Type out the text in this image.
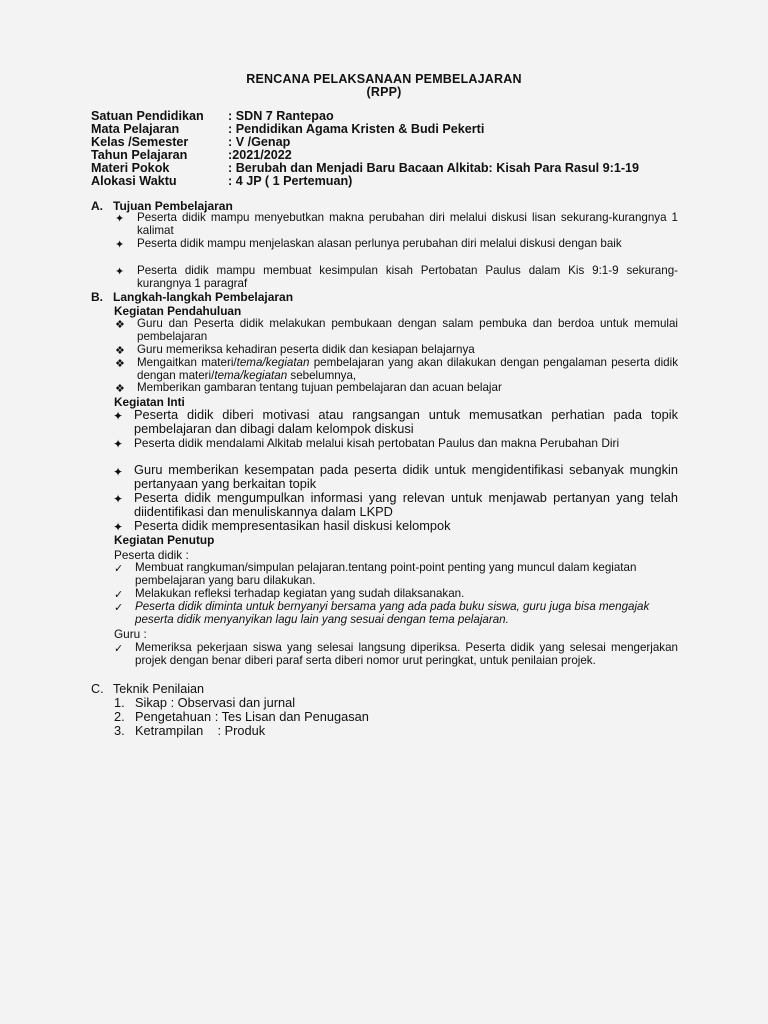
RENCANA PELAKSANAAN PEMBELAJARAN
(RPP)
Satuan Pendidikan	: SDN 7 Rantepao
Mata Pelajaran	: Pendidikan Agama Kristen & Budi Pekerti
Kelas /Semester	: V /Genap
Tahun Pelajaran	:2021/2022
Materi Pokok	: Berubah dan Menjadi Baru Bacaan Alkitab: Kisah Para Rasul 9:1-19
Alokasi Waktu	: 4 JP ( 1 Pertemuan)
A. Tujuan Pembelajaran
✦ Peserta didik mampu menyebutkan makna perubahan diri melalui diskusi lisan sekurang-kurangnya 1 kalimat
✦ Peserta didik mampu menjelaskan alasan perlunya perubahan diri melalui diskusi dengan baik
✦ Peserta didik mampu membuat kesimpulan kisah Pertobatan Paulus dalam Kis 9:1-9 sekurang-kurangnya 1 paragraf
B. Langkah-langkah Pembelajaran
Kegiatan Pendahuluan
❖ Guru dan Peserta didik melakukan pembukaan dengan salam pembuka dan berdoa untuk memulai pembelajaran
❖ Guru memeriksa kehadiran peserta didik dan kesiapan belajarnya
❖ Mengaitkan materi/tema/kegiatan pembelajaran yang akan dilakukan dengan pengalaman peserta didik dengan materi/tema/kegiatan sebelumnya,
❖ Memberikan gambaran tentang tujuan pembelajaran dan acuan belajar
Kegiatan Inti
✦ Peserta didik diberi motivasi atau rangsangan untuk memusatkan perhatian pada topik pembelajaran dan dibagi dalam kelompok diskusi
✦ Peserta didik mendalami Alkitab melalui kisah pertobatan Paulus dan makna Perubahan Diri
✦ Guru memberikan kesempatan pada peserta didik untuk mengidentifikasi sebanyak mungkin pertanyaan yang berkaitan topik
✦ Peserta didik mengumpulkan informasi yang relevan untuk menjawab pertanyan yang telah diidentifikasi dan menuliskannya dalam LKPD
✦ Peserta didik mempresentasikan hasil diskusi kelompok
Kegiatan Penutup
Peserta didik :
✓ Membuat rangkuman/simpulan pelajaran.tentang point-point penting yang muncul dalam kegiatan pembelajaran yang baru dilakukan.
✓ Melakukan refleksi terhadap kegiatan yang sudah dilaksanakan.
✓ Peserta didik diminta untuk bernyanyi bersama yang ada pada buku siswa, guru juga bisa mengajak peserta didik menyanyikan lagu lain yang sesuai dengan tema pelajaran.
Guru :
✓ Memeriksa pekerjaan siswa yang selesai langsung diperiksa. Peserta didik yang selesai mengerjakan projek dengan benar diberi paraf serta diberi nomor urut peringkat, untuk penilaian projek.
C. Teknik Penilaian
1. Sikap : Observasi dan jurnal
2. Pengetahuan : Tes Lisan dan Penugasan
3. Ketrampilan    : Produk
